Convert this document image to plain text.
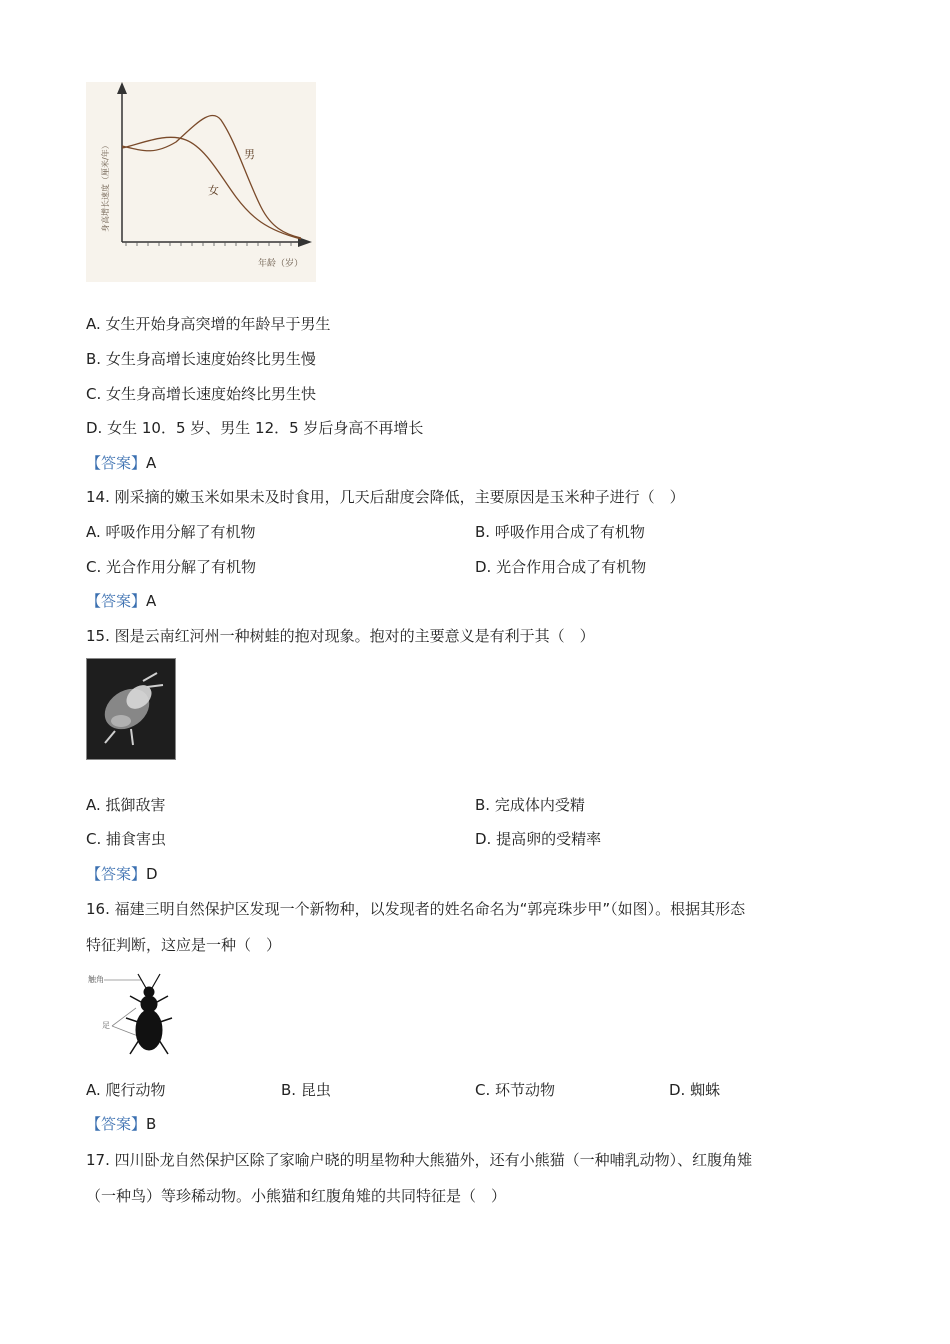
男
女
年龄（岁）
身高增长速度（厘米/年）
A. 女生开始身高突增的年龄早于男生
B. 女生身高增长速度始终比男生慢
C. 女生身高增长速度始终比男生快
D. 女生 10．5 岁、男生 12．5 岁后身高不再增长
【答案】A
14. 刚采摘的嫩玉米如果未及时食用，几天后甜度会降低，主要原因是玉米种子进行（　）
A. 呼吸作用分解了有机物	B. 呼吸作用合成了有机物
C. 光合作用分解了有机物	D. 光合作用合成了有机物
【答案】A
15. 图是云南红河州一种树蛙的抱对现象。抱对的主要意义是有利于其（　）
A. 抵御敌害	B. 完成体内受精
C. 捕食害虫	D. 提高卵的受精率
【答案】D
16. 福建三明自然保护区发现一个新物种，以发现者的姓名命名为“郭亮珠步甲”（如图）。根据其形态
特征判断，这应是一种（　）
触角
足
A. 爬行动物	B. 昆虫	C. 环节动物	D. 蜘蛛
【答案】B
17. 四川卧龙自然保护区除了家喻户晓的明星物种大熊猫外，还有小熊猫（一种哺乳动物）、红腹角雉
（一种鸟）等珍稀动物。小熊猫和红腹角雉的共同特征是（　）
